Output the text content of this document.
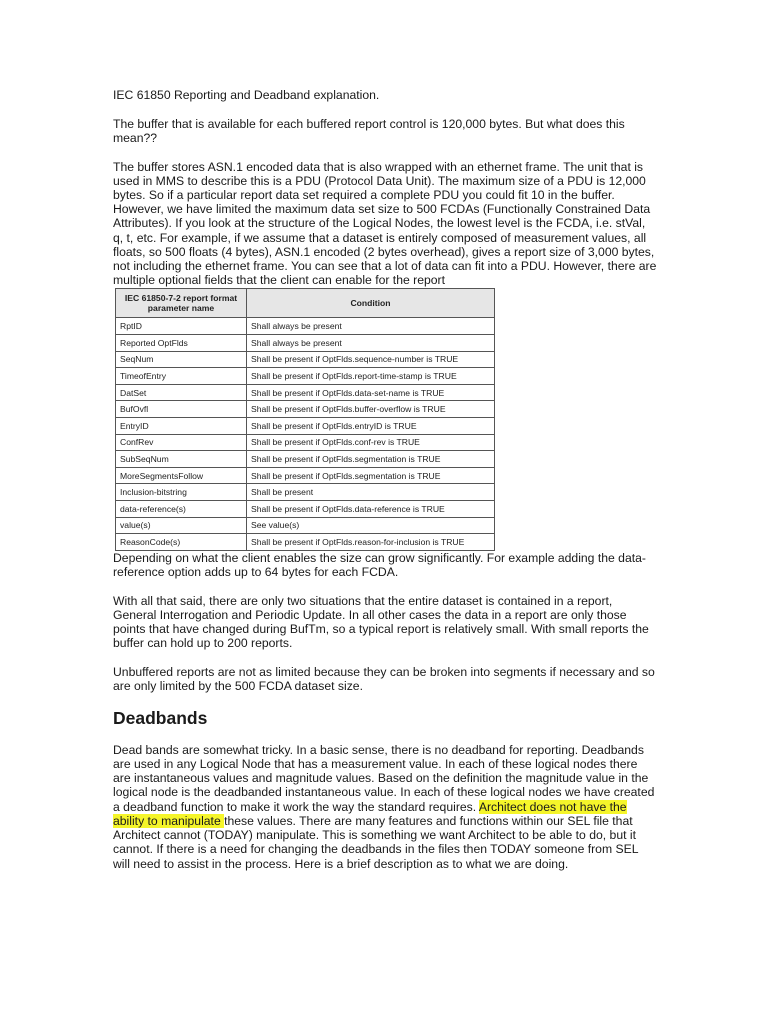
IEC 61850 Reporting and Deadband explanation.
The buffer that is available for each buffered report control is 120,000 bytes. But what does this mean??
The buffer stores ASN.1 encoded data that is also wrapped with an ethernet frame. The unit that is used in MMS to describe this is a PDU (Protocol Data Unit). The maximum size of a PDU is 12,000 bytes. So if a particular report data set required a complete PDU you could fit 10 in the buffer. However, we have limited the maximum data set size to 500 FCDAs (Functionally Constrained Data Attributes). If you look at the structure of the Logical Nodes, the lowest level is the FCDA, i.e. stVal, q, t, etc. For example, if we assume that a dataset is entirely composed of measurement values, all floats, so 500 floats (4 bytes), ASN.1 encoded (2 bytes overhead), gives a report size of 3,000 bytes, not including the ethernet frame. You can see that a lot of data can fit into a PDU. However, there are multiple optional fields that the client can enable for the report
IEC 61850-7-2 report format parameter name	Condition
RptID	Shall always be present
Reported OptFlds	Shall always be present
SeqNum	Shall be present if OptFlds.sequence-number is TRUE
TimeofEntry	Shall be present if OptFlds.report-time-stamp is TRUE
DatSet	Shall be present if OptFlds.data-set-name is TRUE
BufOvfl	Shall be present if OptFlds.buffer-overflow is TRUE
EntryID	Shall be present if OptFlds.entryID is TRUE
ConfRev	Shall be present if OptFlds.conf-rev is TRUE
SubSeqNum	Shall be present if OptFlds.segmentation is TRUE
MoreSegmentsFollow	Shall be present if OptFlds.segmentation is TRUE
Inclusion-bitstring	Shall be present
data-reference(s)	Shall be present if OptFlds.data-reference is TRUE
value(s)	See value(s)
ReasonCode(s)	Shall be present if OptFlds.reason-for-inclusion is TRUE
Depending on what the client enables the size can grow significantly. For example adding the data-reference option adds up to 64 bytes for each FCDA.
With all that said, there are only two situations that the entire dataset is contained in a report, General Interrogation and Periodic Update. In all other cases the data in a report are only those points that have changed during BufTm, so a typical report is relatively small. With small reports the buffer can hold up to 200 reports.
Unbuffered reports are not as limited because they can be broken into segments if necessary and so are only limited by the 500 FCDA dataset size.
Deadbands
Dead bands are somewhat tricky. In a basic sense, there is no deadband for reporting. Deadbands are used in any Logical Node that has a measurement value. In each of these logical nodes there are instantaneous values and magnitude values. Based on the definition the magnitude value in the logical node is the deadbanded instantaneous value. In each of these logical nodes we have created a deadband function to make it work the way the standard requires. Architect does not have the ability to manipulate these values. There are many features and functions within our SEL file that Architect cannot (TODAY) manipulate. This is something we want Architect to be able to do, but it cannot. If there is a need for changing the deadbands in the files then TODAY someone from SEL will need to assist in the process. Here is a brief description as to what we are doing.
